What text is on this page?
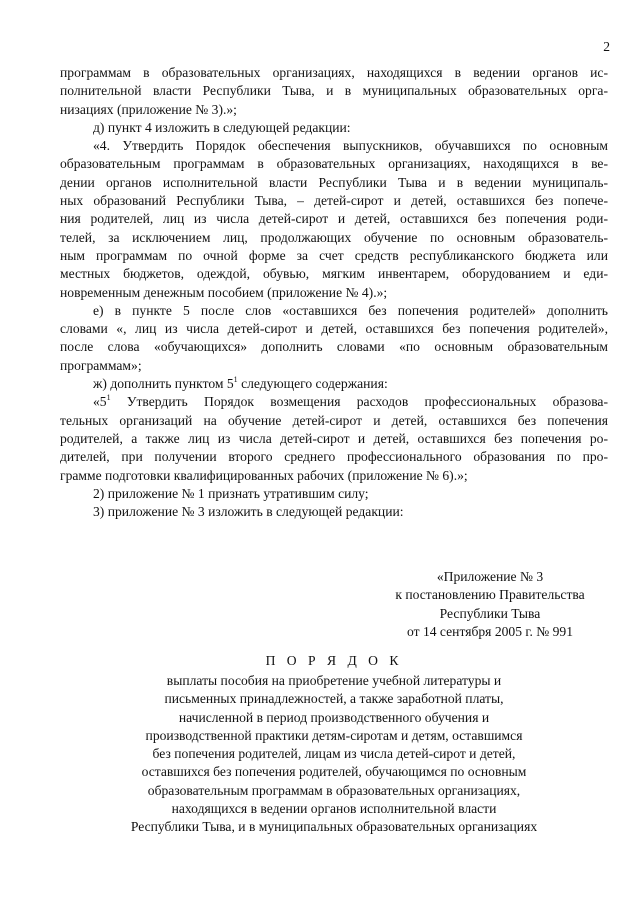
2
программам в образовательных организациях, находящихся в ведении органов ис-
полнительной власти Республики Тыва, и в муниципальных образовательных орга-
низациях (приложение № 3).»;
д) пункт 4 изложить в следующей редакции:
«4. Утвердить Порядок обеспечения выпускников, обучавшихся по основным
образовательным программам в образовательных организациях, находящихся в ве-
дении органов исполнительной власти Республики Тыва и в ведении муниципаль-
ных образований Республики Тыва, – детей-сирот и детей, оставшихся без попече-
ния родителей, лиц из числа детей-сирот и детей, оставшихся без попечения роди-
телей, за исключением лиц, продолжающих обучение по основным образователь-
ным программам по очной форме за счет средств республиканского бюджета или
местных бюджетов, одеждой, обувью, мягким инвентарем, оборудованием и еди-
новременным денежным пособием (приложение № 4).»;
е) в пункте 5 после слов «оставшихся без попечения родителей» дополнить
словами «, лиц из числа детей-сирот и детей, оставшихся без попечения родителей»,
после слова «обучающихся» дополнить словами «по основным образовательным
программам»;
ж) дополнить пунктом $5^1$ следующего содержания:
«$5^1$ Утвердить Порядок возмещения расходов профессиональных образова-
тельных организаций на обучение детей-сирот и детей, оставшихся без попечения
родителей, а также лиц из числа детей-сирот и детей, оставшихся без попечения ро-
дителей, при получении второго среднего профессионального образования по про-
грамме подготовки квалифицированных рабочих (приложение № 6).»;
2) приложение № 1 признать утратившим силу;
3) приложение № 3 изложить в следующей редакции:
«Приложение № 3
к постановлению Правительства
Республики Тыва
от 14 сентября 2005 г. № 991
П О Р Я Д О К
выплаты пособия на приобретение учебной литературы и
письменных принадлежностей, а также заработной платы,
начисленной в период производственного обучения и
производственной практики детям-сиротам и детям, оставшимся
без попечения родителей, лицам из числа детей-сирот и детей,
оставшихся без попечения родителей, обучающимся по основным
образовательным программам в образовательных организациях,
находящихся в ведении органов исполнительной власти
Республики Тыва, и в муниципальных образовательных организациях
